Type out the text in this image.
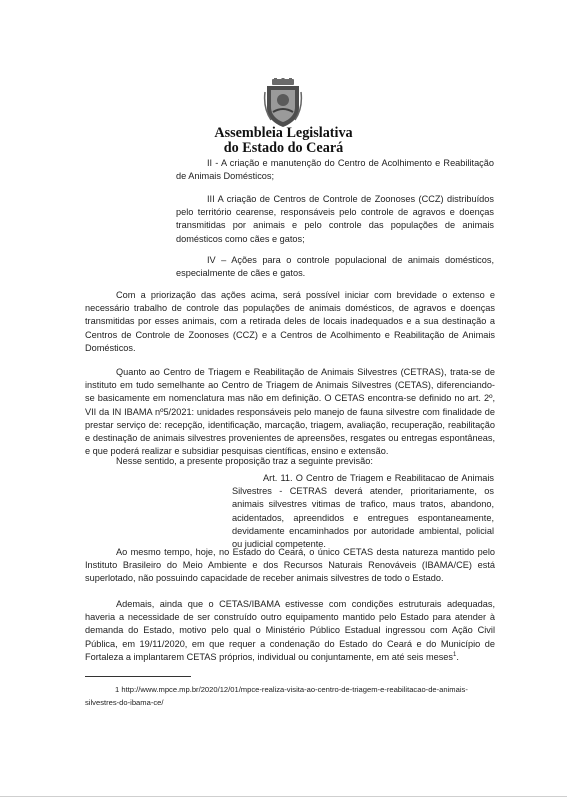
Assembleia Legislativa
do Estado do Ceará

II - A criação e manutenção do Centro de Acolhimento e Reabilitação de Animais Domésticos;

III A criação de Centros de Controle de Zoonoses (CCZ) distribuídos pelo território cearense, responsáveis pelo controle de agravos e doenças transmitidas por animais e pelo controle das populações de animais domésticos como cães e gatos;

IV – Ações para o controle populacional de animais domésticos, especialmente de cães e gatos.

Com a priorização das ações acima, será possível iniciar com brevidade o extenso e necessário trabalho de controle das populações de animais domésticos, de agravos e doenças transmitidas por esses animais, com a retirada deles de locais inadequados e a sua destinação a Centros de Controle de Zoonoses (CCZ) e a Centros de Acolhimento e Reabilitação de Animais Domésticos.

Quanto ao Centro de Triagem e Reabilitação de Animais Silvestres (CETRAS), trata-se de instituto em tudo semelhante ao Centro de Triagem de Animais Silvestres (CETAS), diferenciando-se basicamente em nomenclatura mas não em definição. O CETAS encontra-se definido no art. 2º, VII da IN IBAMA nº5/2021: unidades responsáveis pelo manejo de fauna silvestre com finalidade de prestar serviço de: recepção, identificação, marcação, triagem, avaliação, recuperação, reabilitação e destinação de animais silvestres provenientes de apreensões, resgates ou entregas espontâneas, e que poderá realizar e subsidiar pesquisas científicas, ensino e extensão.

Nesse sentido, a presente proposição traz a seguinte previsão:

Art. 11. O Centro de Triagem e Reabilitacao de Animais Silvestres - CETRAS deverá atender, prioritariamente, os animais silvestres vitimas de trafico, maus tratos, abandono, acidentados, apreendidos e entregues espontaneamente, devidamente encaminhados por autoridade ambiental, policial ou judicial competente.

Ao mesmo tempo, hoje, no Estado do Ceará, o único CETAS desta natureza mantido pelo Instituto Brasileiro do Meio Ambiente e dos Recursos Naturais Renováveis (IBAMA/CE) está superlotado, não possuindo capacidade de receber animais silvestres de todo o Estado.

Ademais, ainda que o CETAS/IBAMA estivesse com condições estruturais adequadas, haveria a necessidade de ser construído outro equipamento mantido pelo Estado para atender à demanda do Estado, motivo pelo qual o Ministério Público Estadual ingressou com Ação Civil Pública, em 19/11/2020, em que requer a condenação do Estado do Ceará e do Município de Fortaleza a implantarem CETAS próprios, individual ou conjuntamente, em até seis meses$^1$.

1 http://www.mpce.mp.br/2020/12/01/mpce-realiza-visita-ao-centro-de-triagem-e-reabilitacao-de-animais-silvestres-do-ibama-ce/
